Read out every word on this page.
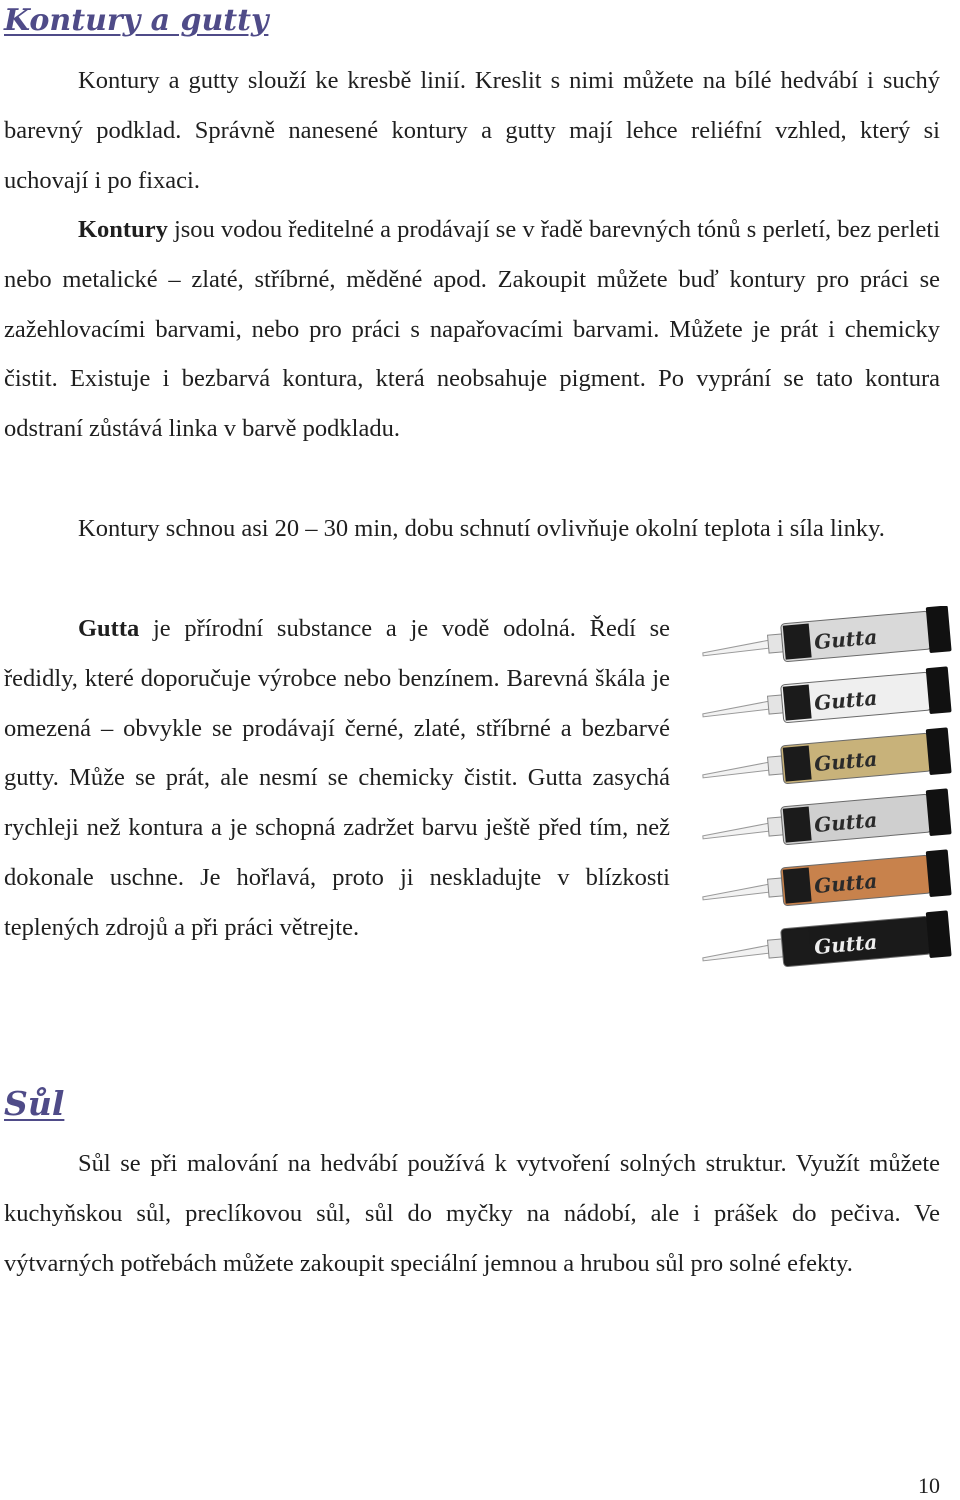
Kontury a gutty

Kontury a gutty slouží ke kresbě linií. Kreslit s nimi můžete na bílé hedvábí i suchý barevný podklad. Správně nanesené kontury a gutty mají lehce reliéfní vzhled, který si uchovají i po fixaci.

Kontury jsou vodou ředitelné a prodávají se v řadě barevných tónů s perletí, bez perleti nebo metalické – zlaté, stříbrné, měděné apod. Zakoupit můžete buď kontury pro práci se zažehlovacími barvami, nebo pro práci s napařovacími barvami. Můžete je prát i chemicky čistit. Existuje i bezbarvá kontura, která neobsahuje pigment. Po vyprání se tato kontura odstraní zůstává linka v barvě podkladu.

Kontury schnou asi 20 – 30 min, dobu schnutí ovlivňuje okolní teplota i síla linky.

Gutta je přírodní substance a je vodě odolná. Ředí se ředidly, které doporučuje výrobce nebo benzínem. Barevná škála je omezená – obvykle se prodávají černé, zlaté, stříbrné a bezbarvé gutty. Může se prát, ale nesmí se chemicky čistit. Gutta zasychá rychleji než kontura a je schopná zadržet barvu ještě před tím, než dokonale uschne. Je hořlavá, proto ji neskladujte v blízkosti teplených zdrojů a při práci větrejte.

Gutta
Gutta
Gutta
Gutta
Gutta
Gutta
Sůl

Sůl se při malování na hedvábí používá k vytvoření solných struktur. Využít můžete kuchyňskou sůl, preclíkovou sůl, sůl do myčky na nádobí, ale i prášek do pečiva. Ve výtvarných potřebách můžete zakoupit speciální jemnou a hrubou sůl pro solné efekty.

10
